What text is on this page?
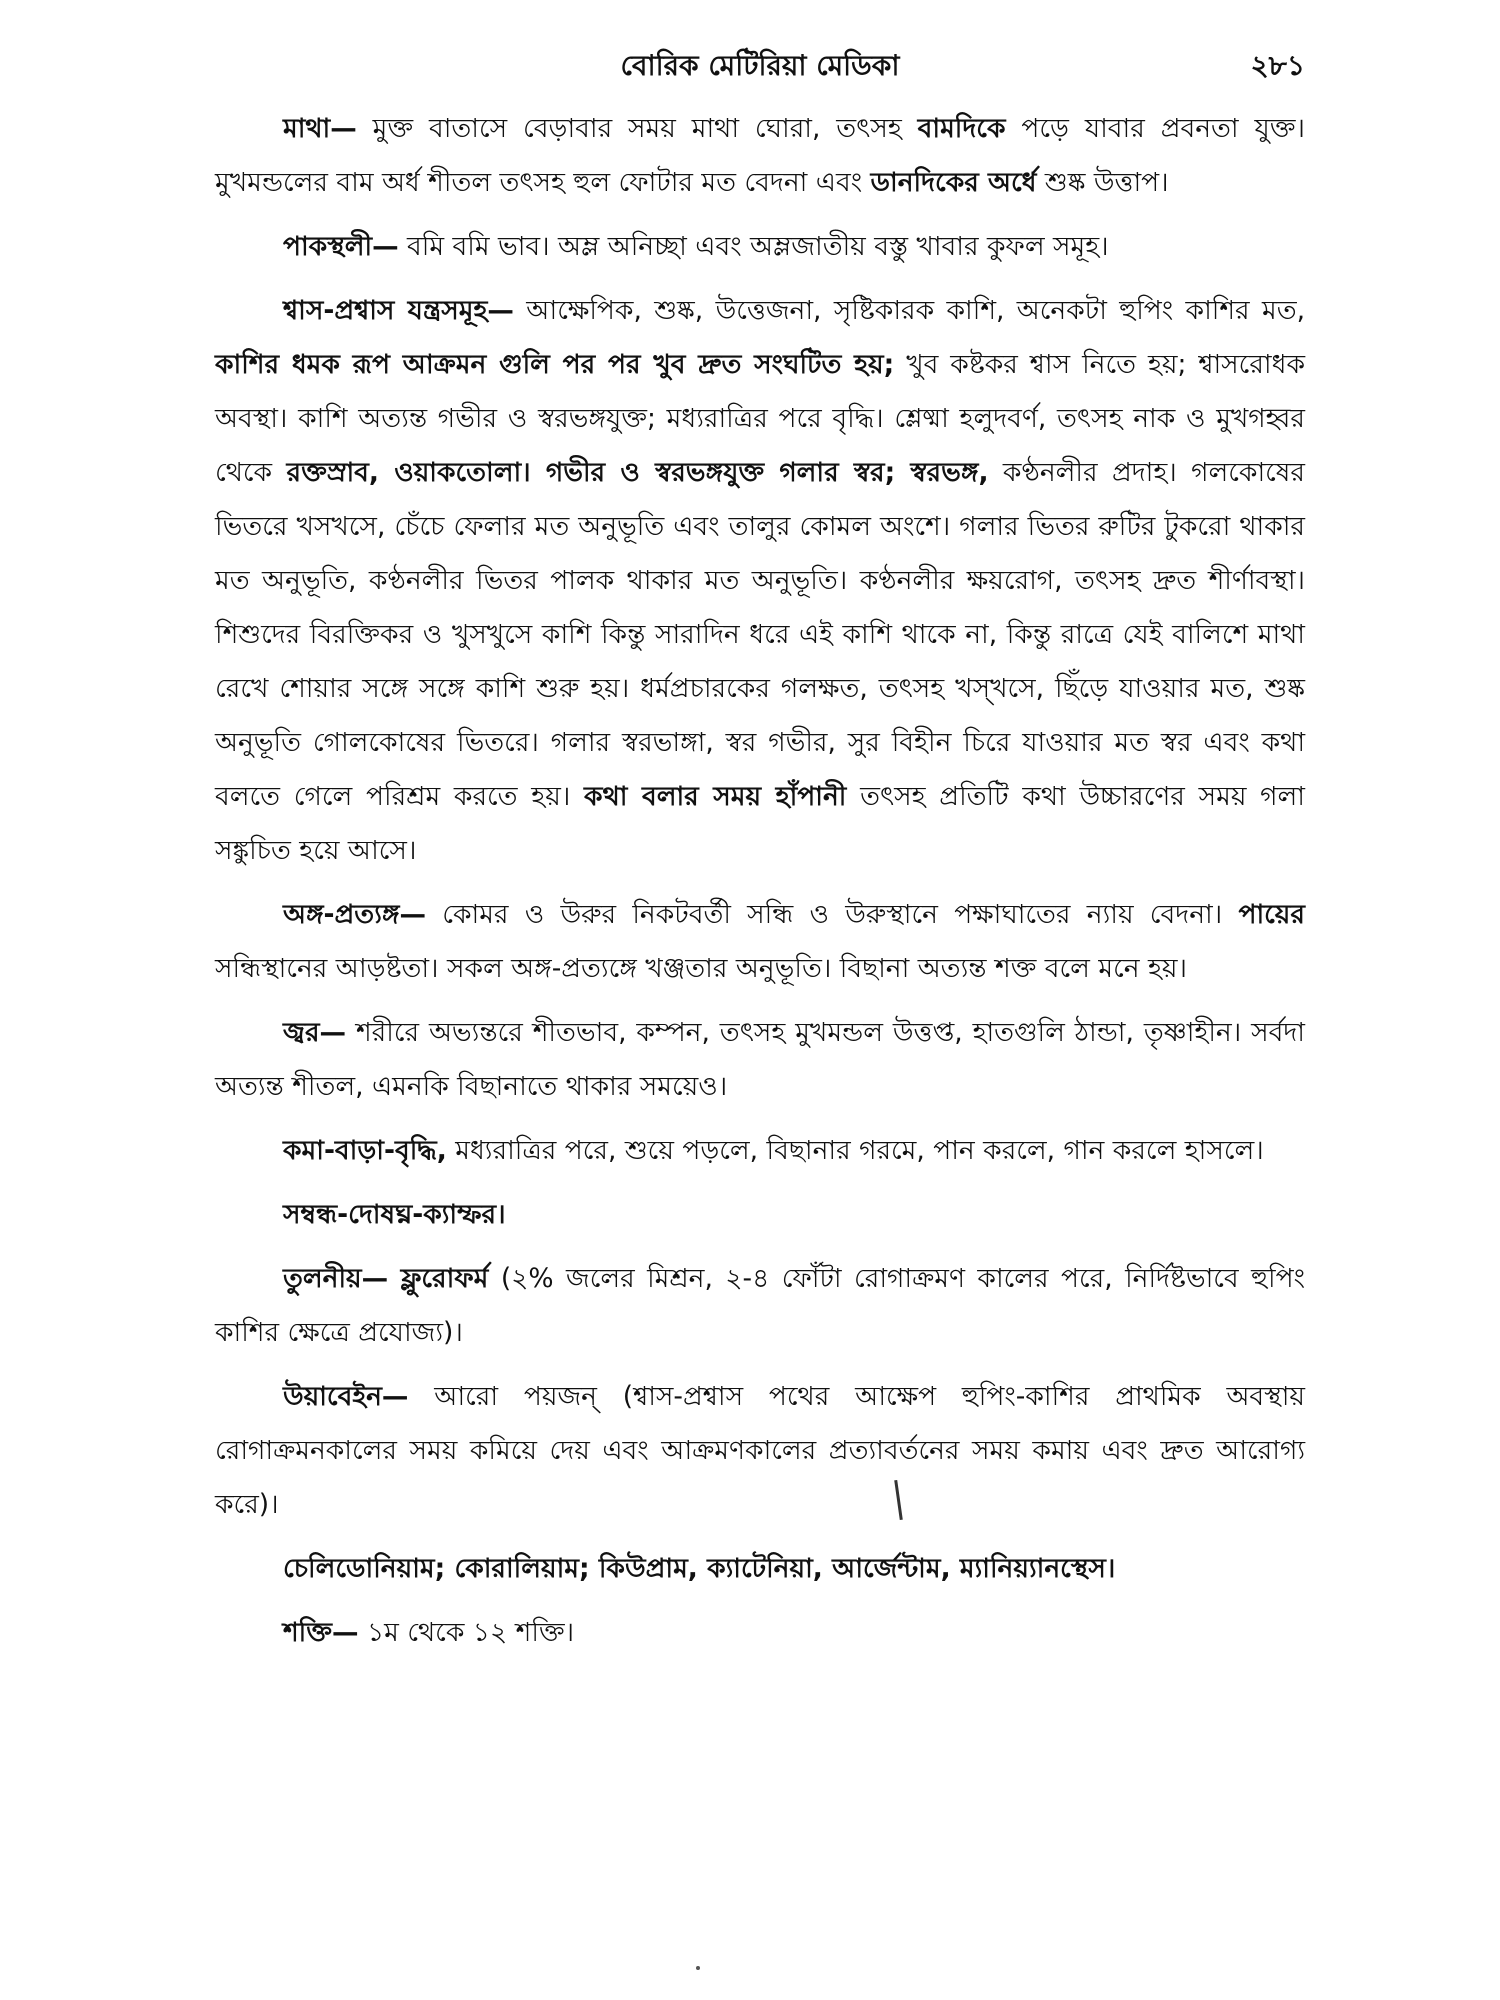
বোরিক মেটিরিয়া মেডিকা	২৮১

মাথা— মুক্ত বাতাসে বেড়াবার সময় মাথা ঘোরা, তৎসহ বামদিকে পড়ে যাবার প্রবনতা যুক্ত। মুখমন্ডলের বাম অর্ধ শীতল তৎসহ হুল ফোটার মত বেদনা এবং ডানদিকের অর্ধে শুষ্ক উত্তাপ।

পাকস্থলী— বমি বমি ভাব। অম্ল অনিচ্ছা এবং অম্লজাতীয় বস্তু খাবার কুফল সমূহ।

শ্বাস-প্রশ্বাস যন্ত্রসমূহ— আক্ষেপিক, শুষ্ক, উত্তেজনা, সৃষ্টিকারক কাশি, অনেকটা হুপিং কাশির মত, কাশির ধমক রূপ আক্রমন গুলি পর পর খুব দ্রুত সংঘটিত হয়; খুব কষ্টকর শ্বাস নিতে হয়; শ্বাসরোধক অবস্থা। কাশি অত্যন্ত গভীর ও স্বরভঙ্গযুক্ত; মধ্যরাত্রির পরে বৃদ্ধি। শ্লেষ্মা হলুদবর্ণ, তৎসহ নাক ও মুখগহ্বর থেকে রক্তস্রাব, ওয়াকতোলা। গভীর ও স্বরভঙ্গযুক্ত গলার স্বর; স্বরভঙ্গ, কণ্ঠনলীর প্রদাহ। গলকোষের ভিতরে খসখসে, চেঁচে ফেলার মত অনুভূতি এবং তালুর কোমল অংশে। গলার ভিতর রুটির টুকরো থাকার মত অনুভূতি, কণ্ঠনলীর ভিতর পালক থাকার মত অনুভূতি। কণ্ঠনলীর ক্ষয়রোগ, তৎসহ দ্রুত শীর্ণাবস্থা। শিশুদের বিরক্তিকর ও খুসখুসে কাশি কিন্তু সারাদিন ধরে এই কাশি থাকে না, কিন্তু রাত্রে যেই বালিশে মাথা রেখে শোয়ার সঙ্গে সঙ্গে কাশি শুরু হয়। ধর্মপ্রচারকের গলক্ষত, তৎসহ খস্‌খসে, ছিঁড়ে যাওয়ার মত, শুষ্ক অনুভূতি গোলকোষের ভিতরে। গলার স্বরভাঙ্গা, স্বর গভীর, সুর বিহীন চিরে যাওয়ার মত স্বর এবং কথা বলতে গেলে পরিশ্রম করতে হয়। কথা বলার সময় হাঁপানী তৎসহ প্রতিটি কথা উচ্চারণের সময় গলা সঙ্কুচিত হয়ে আসে।

অঙ্গ-প্রত্যঙ্গ— কোমর ও উরুর নিকটবর্তী সন্ধি ও উরুস্থানে পক্ষাঘাতের ন্যায় বেদনা। পায়ের সন্ধিস্থানের আড়ষ্টতা। সকল অঙ্গ-প্রত্যঙ্গে খঞ্জতার অনুভূতি। বিছানা অত্যন্ত শক্ত বলে মনে হয়।

জ্বর— শরীরে অভ্যন্তরে শীতভাব, কম্পন, তৎসহ মুখমন্ডল উত্তপ্ত, হাতগুলি ঠান্ডা, তৃষ্ণাহীন। সর্বদা অত্যন্ত শীতল, এমনকি বিছানাতে থাকার সময়েও।

কমা-বাড়া-বৃদ্ধি, মধ্যরাত্রির পরে, শুয়ে পড়লে, বিছানার গরমে, পান করলে, গান করলে হাসলে।

সম্বন্ধ-দোষঘ্ন-ক্যাম্ফর।

তুলনীয়— ফ্লুরোফর্ম (২% জলের মিশ্রন, ২-৪ ফোঁটা রোগাক্রমণ কালের পরে, নির্দিষ্টভাবে হুপিং কাশির ক্ষেত্রে প্রযোজ্য)।

উয়াবেইন— আরো পয়জন্‌ (শ্বাস-প্রশ্বাস পথের আক্ষেপ হুপিং-কাশির প্রাথমিক অবস্থায় রোগাক্রমনকালের সময় কমিয়ে দেয় এবং আক্রমণকালের প্রত্যাবর্তনের সময় কমায় এবং দ্রুত আরোগ্য করে)।

চেলিডোনিয়াম; কোরালিয়াম; কিউপ্রাম, ক্যাটেনিয়া, আর্জেন্টাম, ম্যানিয়্যানস্থেস।

শক্তি— ১ম থেকে ১২ শক্তি।
